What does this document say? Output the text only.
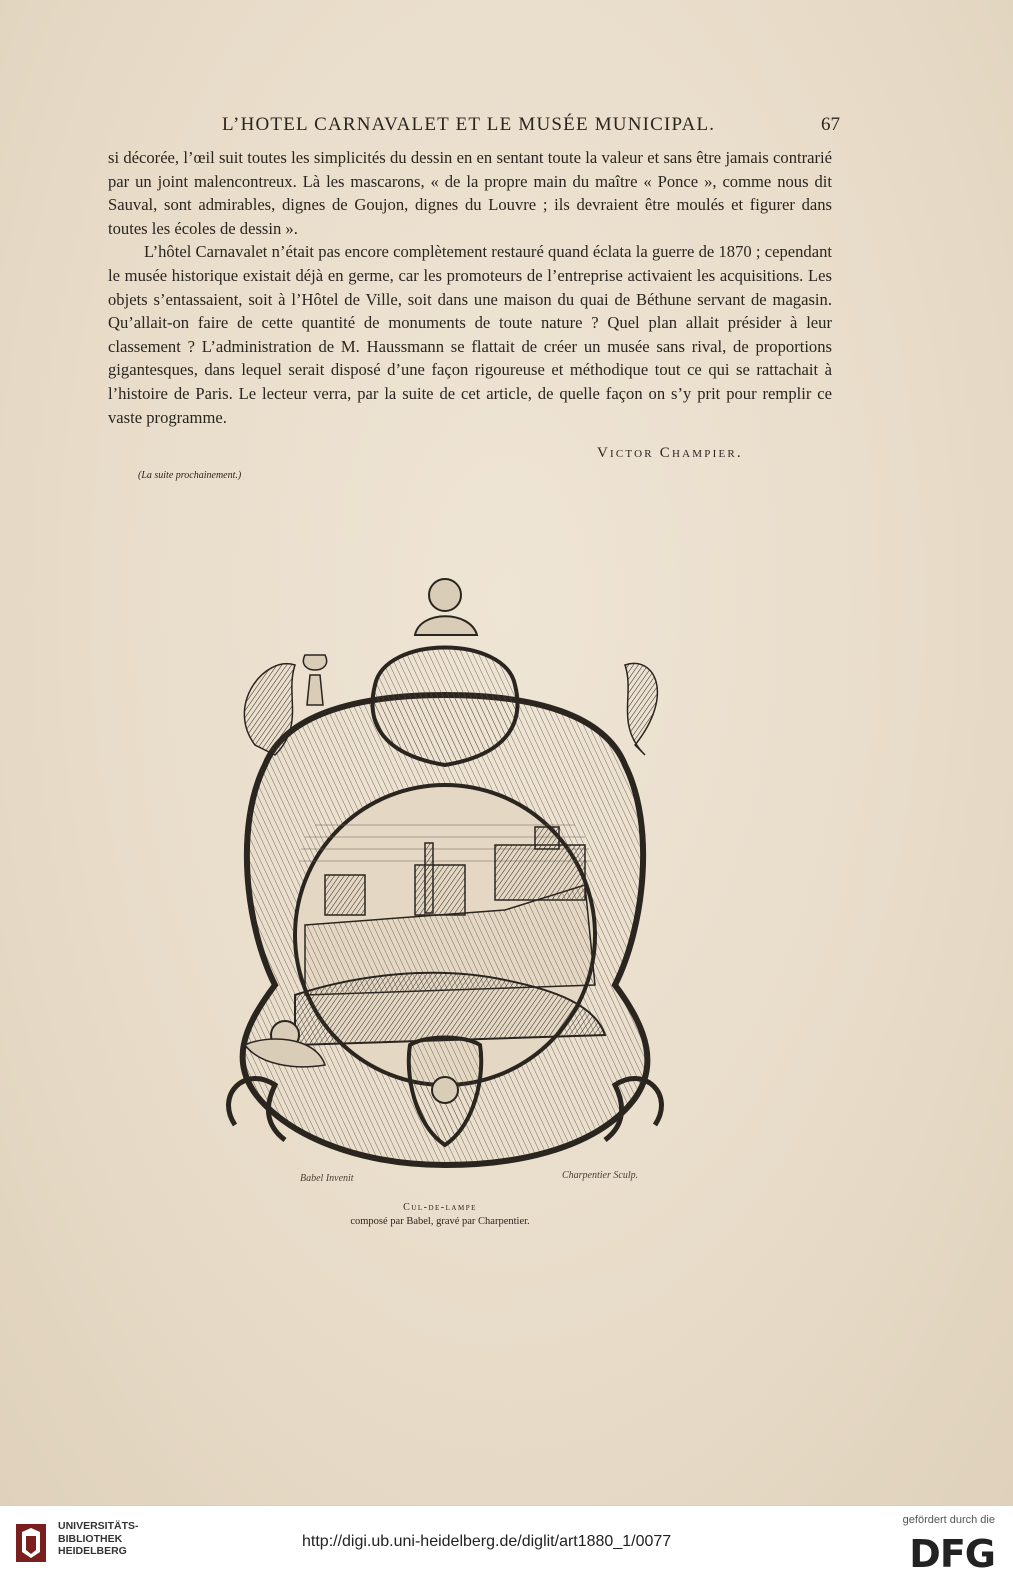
L’HOTEL CARNAVALET ET LE MUSÉE MUNICIPAL.	67

si décorée, l’œil suit toutes les simplicités du dessin en en sentant toute la valeur et sans être jamais contrarié par un joint malencontreux. Là les mascarons, « de la propre main du maître « Ponce », comme nous dit Sauval, sont admirables, dignes de Goujon, dignes du Louvre ; ils devraient être moulés et figurer dans toutes les écoles de dessin ».

L’hôtel Carnavalet n’était pas encore complètement restauré quand éclata la guerre de 1870 ; cependant le musée historique existait déjà en germe, car les promoteurs de l’entreprise activaient les acquisitions. Les objets s’entassaient, soit à l’Hôtel de Ville, soit dans une maison du quai de Béthune servant de magasin. Qu’allait-on faire de cette quantité de monuments de toute nature ? Quel plan allait présider à leur classement ? L’administration de M. Haussmann se flattait de créer un musée sans rival, de proportions gigantesques, dans lequel serait disposé d’une façon rigoureuse et méthodique tout ce qui se rattachait à l’histoire de Paris. Le lecteur verra, par la suite de cet article, de quelle façon on s’y prit pour remplir ce vaste programme.

Victor Champier.
(La suite prochainement.)
Babel Invenit	Charpentier Sculp.
Cul-de-lampe
composé par Babel, gravé par Charpentier.
UNIVERSITÄTS-
BIBLIOTHEK
HEIDELBERG
http://digi.ub.uni-heidelberg.de/diglit/art1880_1/0077
gefördert durch die
DFG
